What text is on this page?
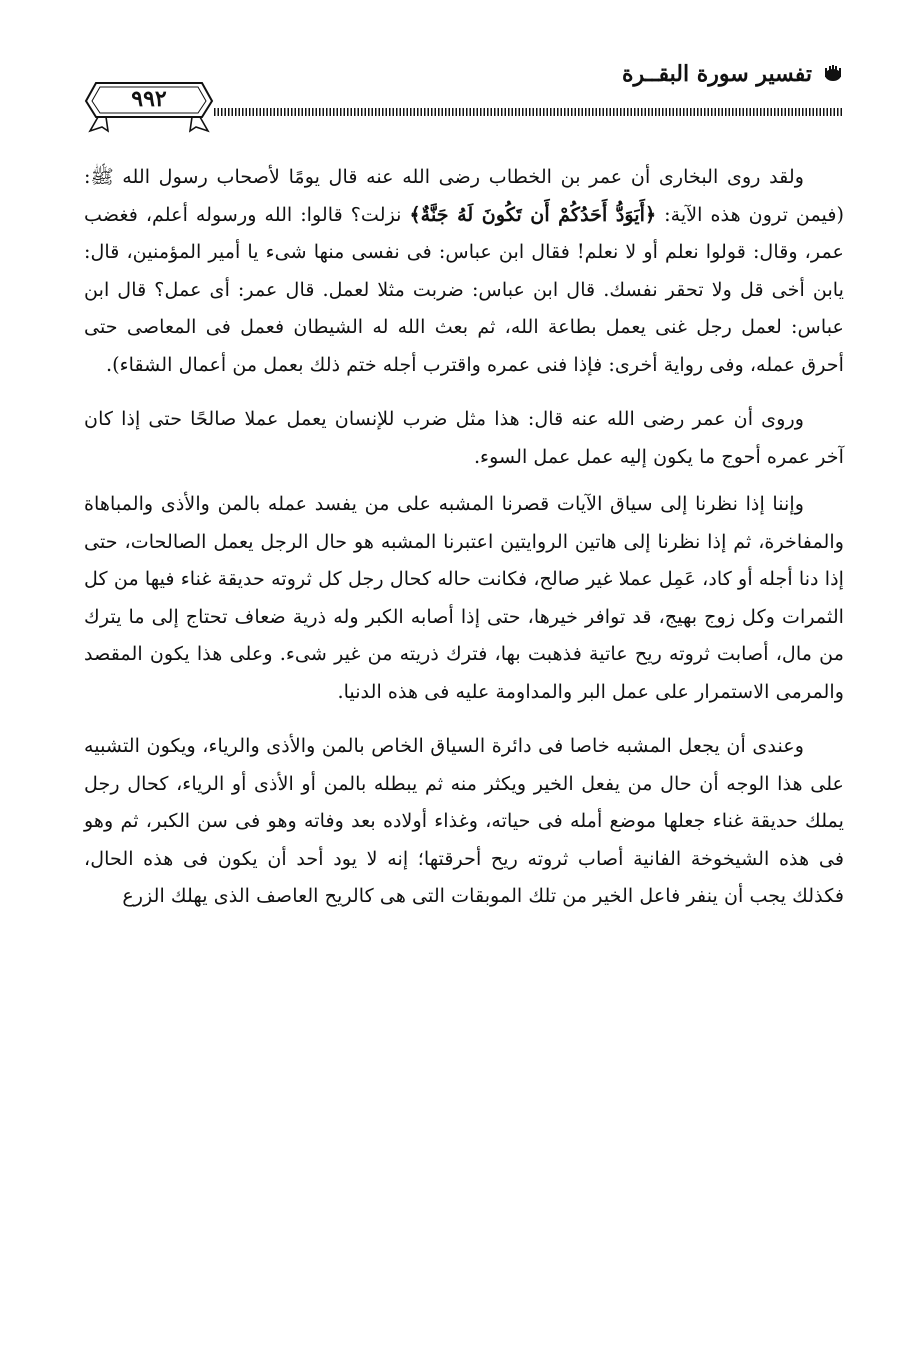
تفسير سورة البقــرة
٩٩٢

ولقد روى البخارى أن عمر بن الخطاب رضى الله عنه قال يومًا لأصحاب رسول الله ﷺ: (فيمن ترون هذه الآية: ﴿أَيَوَدُّ أَحَدُكُمْ أَن تَكُونَ لَهُ جَنَّةٌ﴾ نزلت؟ قالوا: الله ورسوله أعلم، فغضب عمر، وقال: قولوا نعلم أو لا نعلم! فقال ابن عباس: فى نفسى منها شىء يا أمير المؤمنين، قال: يابن أخى قل ولا تحقر نفسك. قال ابن عباس: ضربت مثلا لعمل. قال عمر: أى عمل؟ قال ابن عباس: لعمل رجل غنى يعمل بطاعة الله، ثم بعث الله له الشيطان فعمل فى المعاصى حتى أحرق عمله، وفى رواية أخرى: فإذا فنى عمره واقترب أجله ختم ذلك بعمل من أعمال الشقاء).

وروى أن عمر رضى الله عنه قال: هذا مثل ضرب للإنسان يعمل عملا صالحًا حتى إذا كان آخر عمره أحوج ما يكون إليه عمل عمل السوء.

وإننا إذا نظرنا إلى سياق الآيات قصرنا المشبه على من يفسد عمله بالمن والأذى والمباهاة والمفاخرة، ثم إذا نظرنا إلى هاتين الروايتين اعتبرنا المشبه هو حال الرجل يعمل الصالحات، حتى إذا دنا أجله أو كاد، عَمِل عملا غير صالح، فكانت حاله كحال رجل كل ثروته حديقة غناء فيها من كل الثمرات وكل زوج بهيج، قد توافر خيرها، حتى إذا أصابه الكبر وله ذرية ضعاف تحتاج إلى ما يترك من مال، أصابت ثروته ريح عاتية فذهبت بها، فترك ذريته من غير شىء. وعلى هذا يكون المقصد والمرمى الاستمرار على عمل البر والمداومة عليه فى هذه الدنيا.

وعندى أن يجعل المشبه خاصا فى دائرة السياق الخاص بالمن والأذى والرياء، ويكون التشبيه على هذا الوجه أن حال من يفعل الخير ويكثر منه ثم يبطله بالمن أو الأذى أو الرياء، كحال رجل يملك حديقة غناء جعلها موضع أمله فى حياته، وغذاء أولاده بعد وفاته وهو فى سن الكبر، ثم وهو فى هذه الشيخوخة الفانية أصاب ثروته ريح أحرقتها؛ إنه لا يود أحد أن يكون فى هذه الحال، فكذلك يجب أن ينفر فاعل الخير من تلك الموبقات التى هى كالريح العاصف الذى يهلك الزرع
